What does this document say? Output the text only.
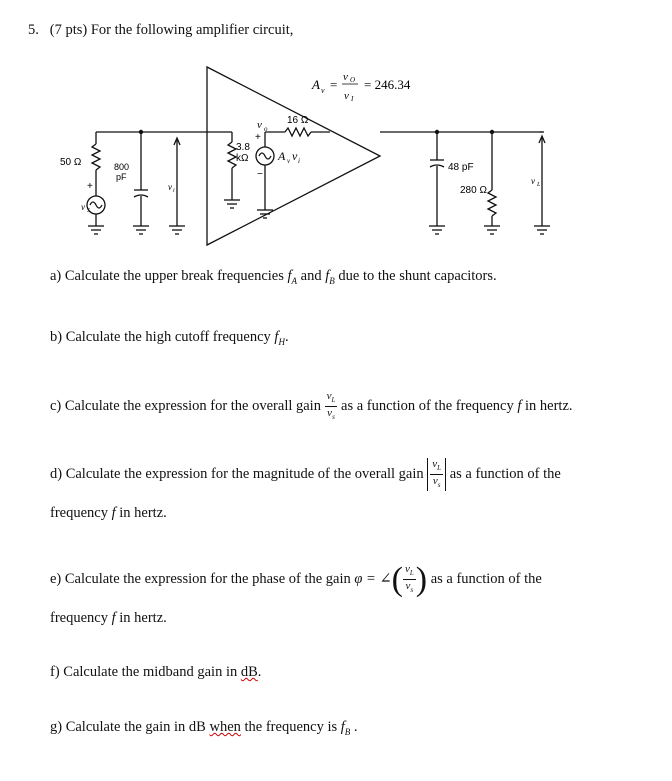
5. (7 pts) For the following amplifier circuit,
A v = v O
v I
= 246.34
50 Ω	800
pF
+
v S
v i
3.8
kΩ
v o
+
−
16 Ω
A v v i
48 pF
280 Ω
v L
a) Calculate the upper break frequencies $f_A$ and $f_B$ due to the shunt capacitors.
b) Calculate the high cutoff frequency $f_H$.
c) Calculate the expression for the overall gain $\frac{v_L}{v_s}$ as a function of the frequency f in hertz.
d) Calculate the expression for the magnitude of the overall gain $\frac{v_L}{v_s}$ as a function of the
frequency f in hertz.
e) Calculate the expression for the phase of the gain φ = ∠( $\frac{v_L}{v_s}$ ) as a function of the
frequency f in hertz.
f) Calculate the midband gain in dB.
g) Calculate the gain in dB when the frequency is $f_B$ .
